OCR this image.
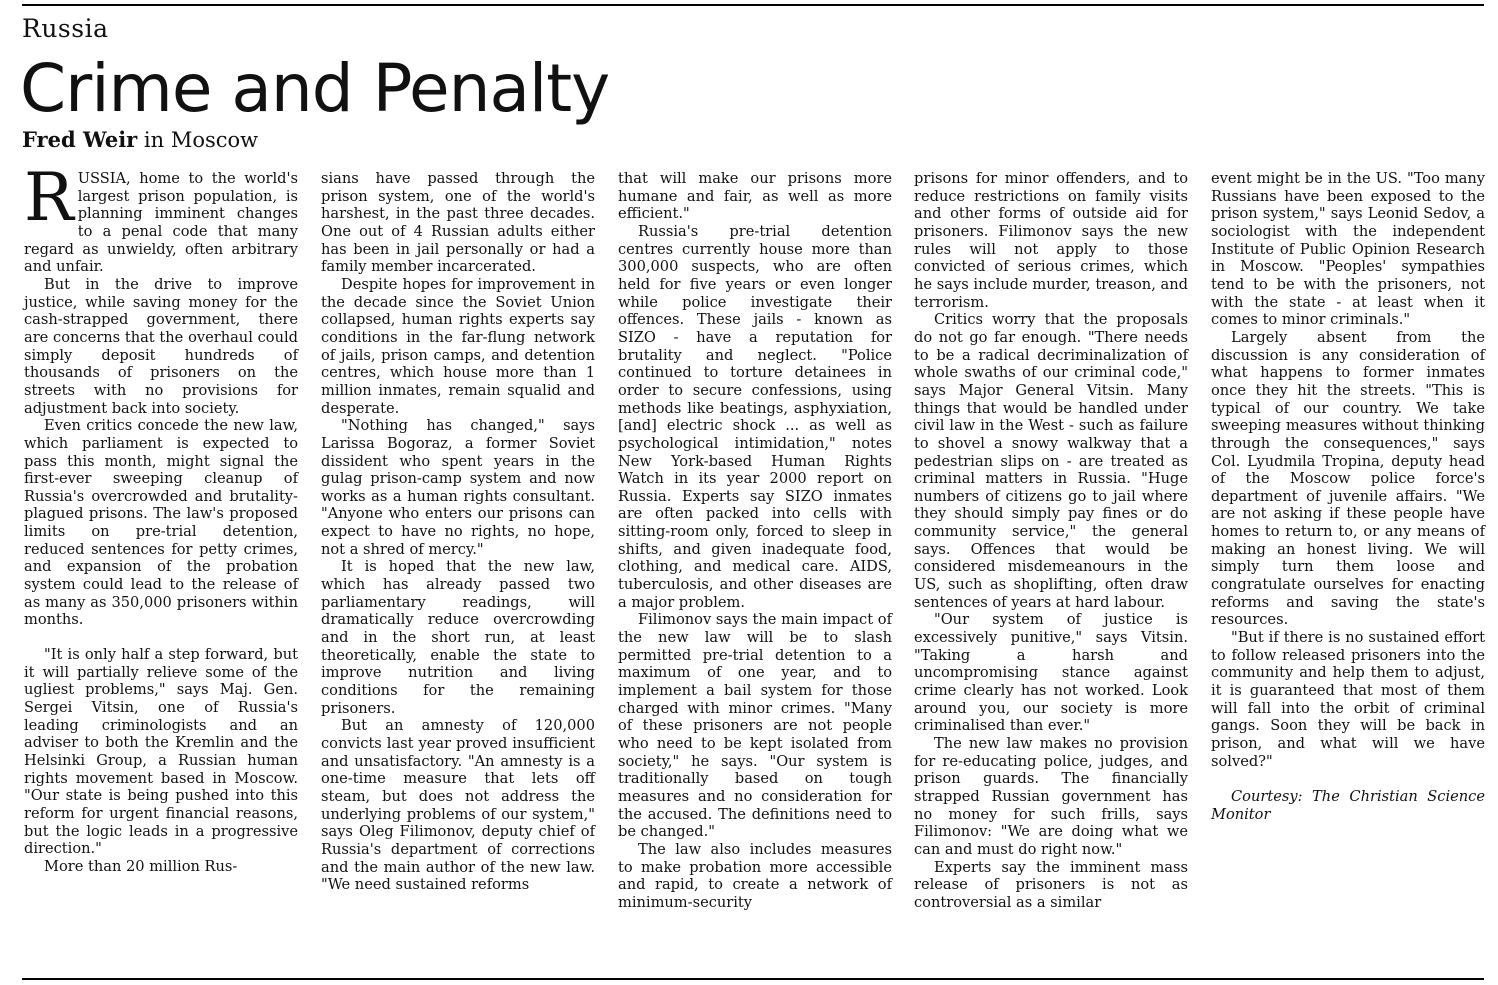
Russia
Crime and Penalty
Fred Weir in Moscow
R USSIA, home to the world's largest prison population, is planning imminent changes to a penal code that many regard as unwieldy, often arbitrary and unfair.

But in the drive to improve justice, while saving money for the cash-strapped government, there are concerns that the overhaul could simply deposit hundreds of thousands of prisoners on the streets with no provisions for adjustment back into society.

Even critics concede the new law, which parliament is expected to pass this month, might signal the first-ever sweeping cleanup of Russia's overcrowded and brutality-plagued prisons. The law's proposed limits on pre-trial detention, reduced sentences for petty crimes, and expansion of the probation system could lead to the release of as many as 350,000 prisoners within months.

"It is only half a step forward, but it will partially relieve some of the ugliest problems," says Maj. Gen. Sergei Vitsin, one of Russia's leading criminologists and an adviser to both the Kremlin and the Helsinki Group, a Russian human rights movement based in Moscow. "Our state is being pushed into this reform for urgent financial reasons, but the logic leads in a progressive direction."

More than 20 million Rus-

sians have passed through the prison system, one of the world's harshest, in the past three decades. One out of 4 Russian adults either has been in jail personally or had a family member incarcerated.

Despite hopes for improvement in the decade since the Soviet Union collapsed, human rights experts say conditions in the far-flung network of jails, prison camps, and detention centres, which house more than 1 million inmates, remain squalid and desperate.

"Nothing has changed," says Larissa Bogoraz, a former Soviet dissident who spent years in the gulag prison-camp system and now works as a human rights consultant. "Anyone who enters our prisons can expect to have no rights, no hope, not a shred of mercy."

It is hoped that the new law, which has already passed two parliamentary readings, will dramatically reduce overcrowding and in the short run, at least theoretically, enable the state to improve nutrition and living conditions for the remaining prisoners.

But an amnesty of 120,000 convicts last year proved insufficient and unsatisfactory. "An amnesty is a one-time measure that lets off steam, but does not address the underlying problems of our system," says Oleg Filimonov, deputy chief of Russia's department of corrections and the main author of the new law. "We need sustained reforms

that will make our prisons more humane and fair, as well as more efficient."

Russia's pre-trial detention centres currently house more than 300,000 suspects, who are often held for five years or even longer while police investigate their offences. These jails - known as SIZO - have a reputation for brutality and neglect. "Police continued to torture detainees in order to secure confessions, using methods like beatings, asphyxiation, [and] electric shock ... as well as psychological intimidation," notes New York-based Human Rights Watch in its year 2000 report on Russia. Experts say SIZO inmates are often packed into cells with sitting-room only, forced to sleep in shifts, and given inadequate food, clothing, and medical care. AIDS, tuberculosis, and other diseases are a major problem.

Filimonov says the main impact of the new law will be to slash permitted pre-trial detention to a maximum of one year, and to implement a bail system for those charged with minor crimes. "Many of these prisoners are not people who need to be kept isolated from society," he says. "Our system is traditionally based on tough measures and no consideration for the accused. The definitions need to be changed."

The law also includes measures to make probation more accessible and rapid, to create a network of minimum-security

prisons for minor offenders, and to reduce restrictions on family visits and other forms of outside aid for prisoners. Filimonov says the new rules will not apply to those convicted of serious crimes, which he says include murder, treason, and terrorism.

Critics worry that the proposals do not go far enough. "There needs to be a radical decriminalization of whole swaths of our criminal code," says Major General Vitsin. Many things that would be handled under civil law in the West - such as failure to shovel a snowy walkway that a pedestrian slips on - are treated as criminal matters in Russia. "Huge numbers of citizens go to jail where they should simply pay fines or do community service," the general says. Offences that would be considered misdemeanours in the US, such as shoplifting, often draw sentences of years at hard labour.

"Our system of justice is excessively punitive," says Vitsin. "Taking a harsh and uncompromising stance against crime clearly has not worked. Look around you, our society is more criminalised than ever."

The new law makes no provision for re-educating police, judges, and prison guards. The financially strapped Russian government has no money for such frills, says Filimonov: "We are doing what we can and must do right now."

Experts say the imminent mass release of prisoners is not as controversial as a similar

event might be in the US. "Too many Russians have been exposed to the prison system," says Leonid Sedov, a sociologist with the independent Institute of Public Opinion Research in Moscow. "Peoples' sympathies tend to be with the prisoners, not with the state - at least when it comes to minor criminals."

Largely absent from the discussion is any consideration of what happens to former inmates once they hit the streets. "This is typical of our country. We take sweeping measures without thinking through the consequences," says Col. Lyudmila Tropina, deputy head of the Moscow police force's department of juvenile affairs. "We are not asking if these people have homes to return to, or any means of making an honest living. We will simply turn them loose and congratulate ourselves for enacting reforms and saving the state's resources.

"But if there is no sustained effort to follow released prisoners into the community and help them to adjust, it is guaranteed that most of them will fall into the orbit of criminal gangs. Soon they will be back in prison, and what will we have solved?"

Courtesy: The Christian Science Monitor
